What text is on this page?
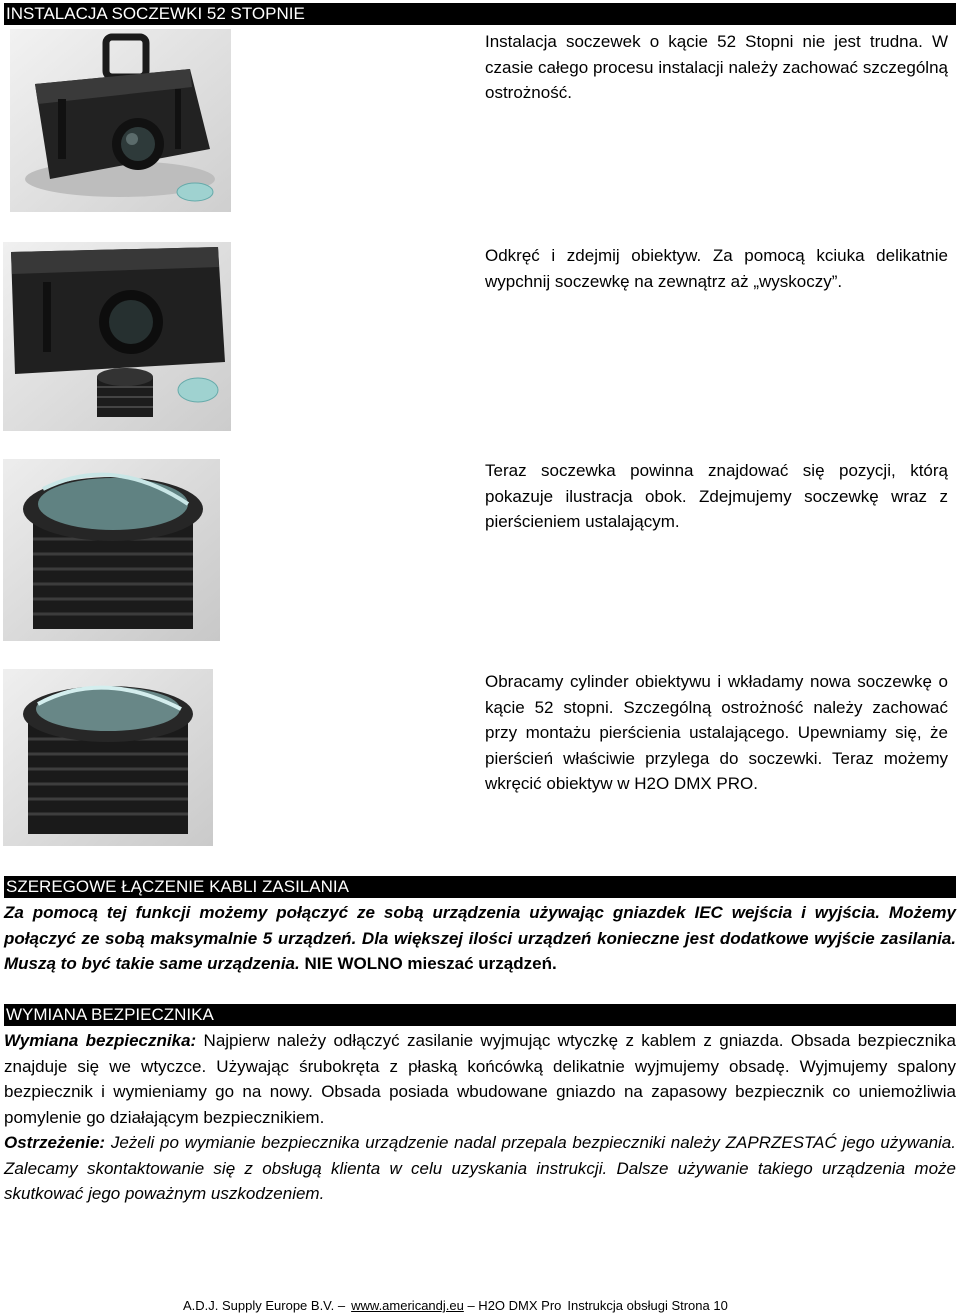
INSTALACJA SOCZEWKI 52 STOPNIE
Instalacja soczewek o kącie 52 Stopni nie jest trudna. W czasie całego procesu instalacji należy zachować szczególną ostrożność.
Odkręć i zdejmij obiektyw. Za pomocą kciuka delikatnie wypchnij soczewkę na zewnątrz aż „wyskoczy”.
Teraz soczewka powinna znajdować się pozycji, którą pokazuje ilustracja obok. Zdejmujemy soczewkę wraz z pierścieniem ustalającym.
Obracamy cylinder obiektywu i wkładamy nowa soczewkę o kącie 52 stopni. Szczególną ostrożność należy zachować przy montażu pierścienia ustalającego. Upewniamy się, że pierścień właściwie przylega do soczewki. Teraz możemy wkręcić obiektyw w H2O DMX PRO.
SZEREGOWE ŁĄCZENIE KABLI ZASILANIA
Za pomocą tej funkcji możemy połączyć ze sobą urządzenia używając gniazdek IEC wejścia i wyjścia. Możemy połączyć ze sobą maksymalnie 5 urządzeń. Dla większej ilości urządzeń konieczne jest dodatkowe wyjście zasilania. Muszą to być takie same urządzenia. NIE WOLNO mieszać urządzeń.
WYMIANA BEZPIECZNIKA
Wymiana bezpiecznika: Najpierw należy odłączyć zasilanie wyjmując wtyczkę z kablem z gniazda. Obsada bezpiecznika znajduje się we wtyczce. Używając śrubokręta z płaską końcówką delikatnie wyjmujemy obsadę. Wyjmujemy spalony bezpiecznik i wymieniamy go na nowy. Obsada posiada wbudowane gniazdo na zapasowy bezpiecznik co uniemożliwia pomylenie go działającym bezpiecznikiem.
Ostrzeżenie: Jeżeli po wymianie bezpiecznika urządzenie nadal przepala bezpieczniki należy ZAPRZESTAĆ jego używania. Zalecamy skontaktowanie się z obsługą klienta w celu uzyskania instrukcji. Dalsze używanie takiego urządzenia może skutkować jego poważnym uszkodzeniem.
A.D.J. Supply Europe B.V. – www.americandj.eu – H2O DMX Pro Instrukcja obsługi Strona 10
